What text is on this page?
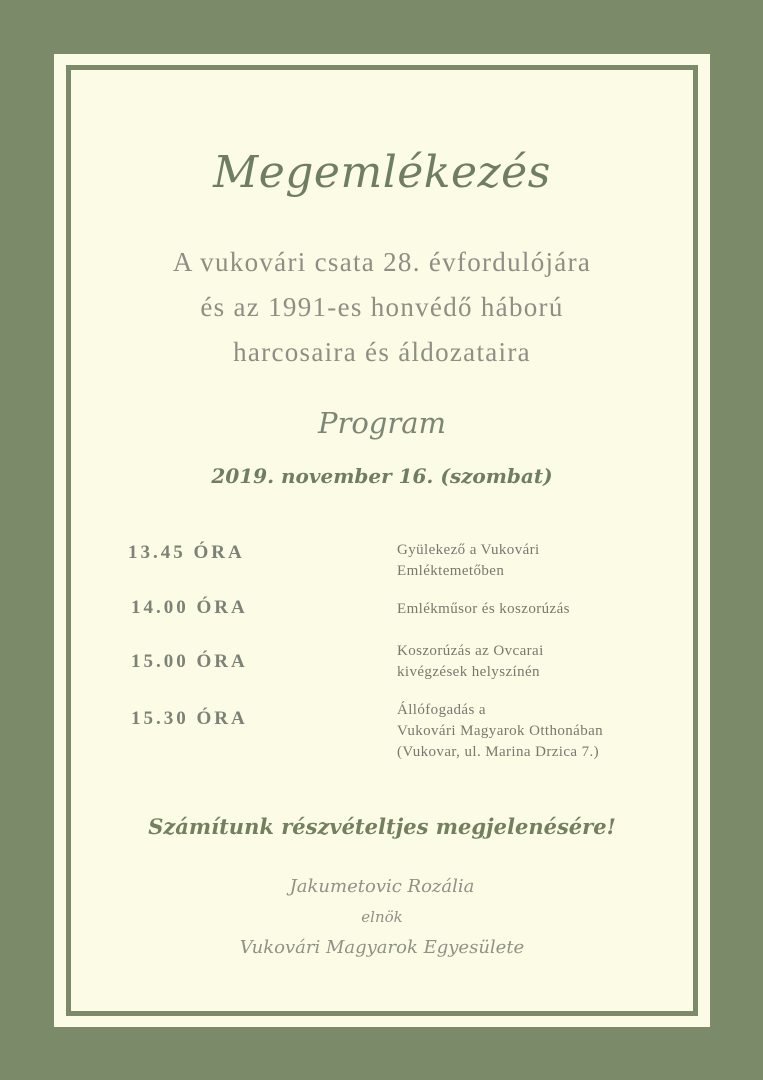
Megemlékezés
A vukovári csata 28. évfordulójára
és az 1991-es honvédő háború
harcosaira és áldozataira
Program
2019. november 16. (szombat)
13.45 ÓRA	Gyülekező a Vukovári
Emléktemetőben
14.00 ÓRA	Emlékműsor és koszorúzás
15.00 ÓRA	Koszorúzás az Ovcarai
kivégzések helyszínén
15.30 ÓRA	Állófogadás a
Vukovári Magyarok Otthonában
(Vukovar, ul. Marina Drzica 7.)
Számítunk részvételtjes megjelenésére!
Jakumetovic Rozália
elnök
Vukovári Magyarok Egyesülete
